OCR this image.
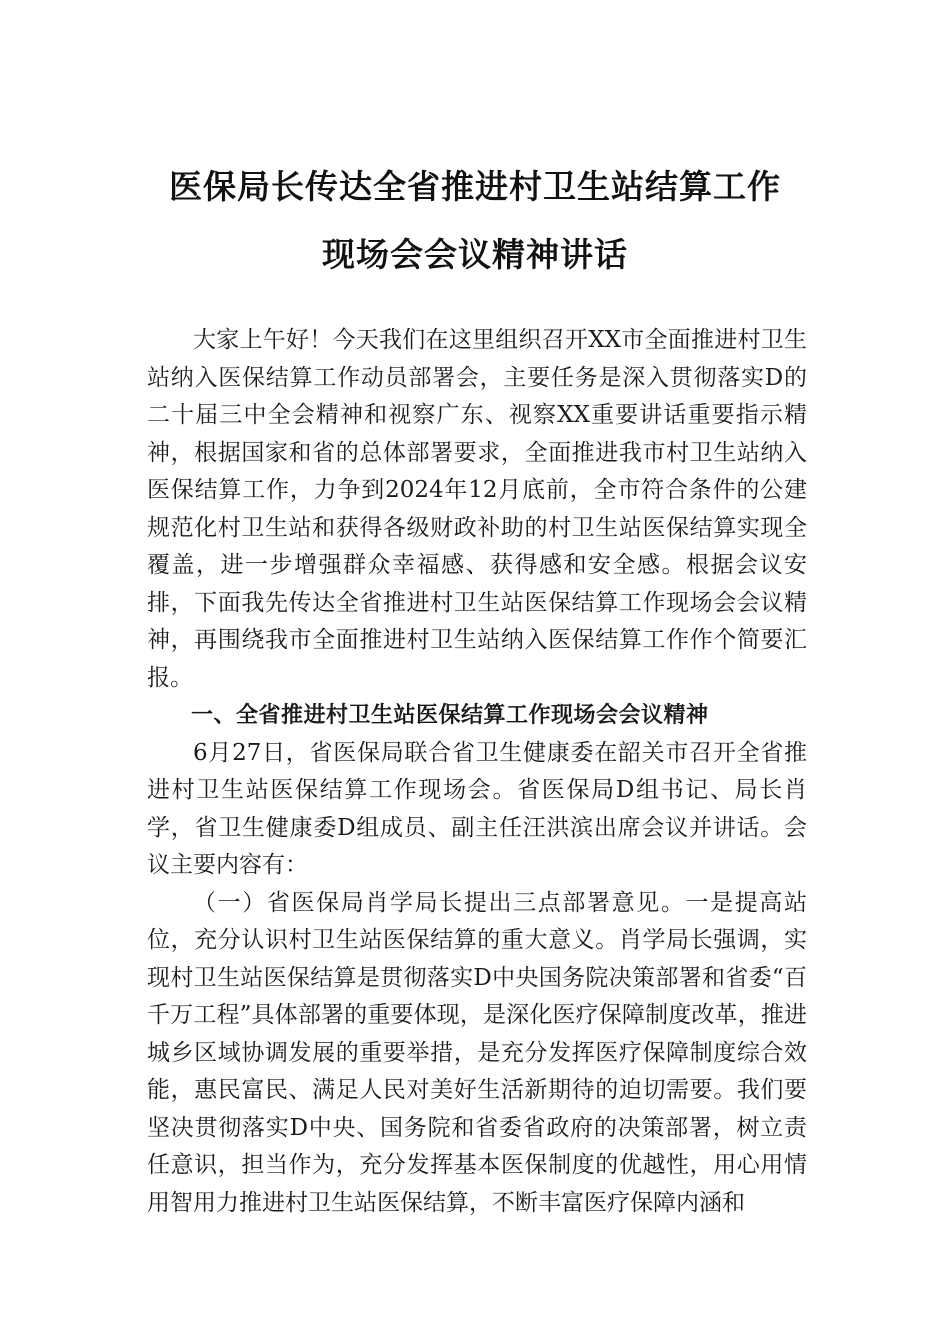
医保局长传达全省推进村卫生站结算工作
现场会会议精神讲话

大家上午好！今天我们在这里组织召开XX市全面推进村卫生站纳入医保结算工作动员部署会，主要任务是深入贯彻落实D的二十届三中全会精神和视察广东、视察XX重要讲话重要指示精神，根据国家和省的总体部署要求，全面推进我市村卫生站纳入医保结算工作，力争到2024年12月底前，全市符合条件的公建规范化村卫生站和获得各级财政补助的村卫生站医保结算实现全覆盖，进一步增强群众幸福感、获得感和安全感。根据会议安排，下面我先传达全省推进村卫生站医保结算工作现场会会议精神，再围绕我市全面推进村卫生站纳入医保结算工作作个简要汇报。

一、全省推进村卫生站医保结算工作现场会会议精神

6月27日，省医保局联合省卫生健康委在韶关市召开全省推进村卫生站医保结算工作现场会。省医保局D组书记、局长肖学，省卫生健康委D组成员、副主任汪洪滨出席会议并讲话。会议主要内容有：

（一）省医保局肖学局长提出三点部署意见。一是提高站位，充分认识村卫生站医保结算的重大意义。肖学局长强调，实现村卫生站医保结算是贯彻落实D中央国务院决策部署和省委“百千万工程”具体部署的重要体现，是深化医疗保障制度改革，推进城乡区域协调发展的重要举措，是充分发挥医疗保障制度综合效能，惠民富民、满足人民对美好生活新期待的迫切需要。我们要坚决贯彻落实D中央、国务院和省委省政府的决策部署，树立责任意识，担当作为，充分发挥基本医保制度的优越性，用心用情用智用力推进村卫生站医保结算，不断丰富医疗保障内涵和
